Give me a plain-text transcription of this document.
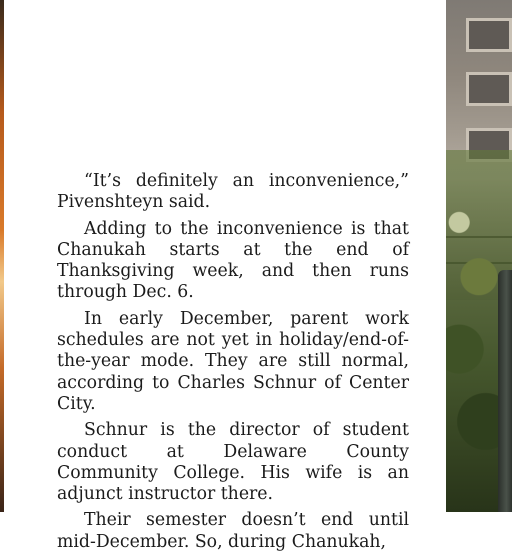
“It’s definitely an inconvenience,” Pivenshteyn said.

Adding to the inconvenience is that Chanukah starts at the end of Thanksgiving week, and then runs through Dec. 6.

In early December, parent work schedules are not yet in holiday/end-of-the-year mode. They are still normal, according to Charles Schnur of Center City.

Schnur is the director of student conduct at Delaware County Community College. His wife is an adjunct instructor there.

Their semester doesn’t end until mid-December. So, during Chanukah,
